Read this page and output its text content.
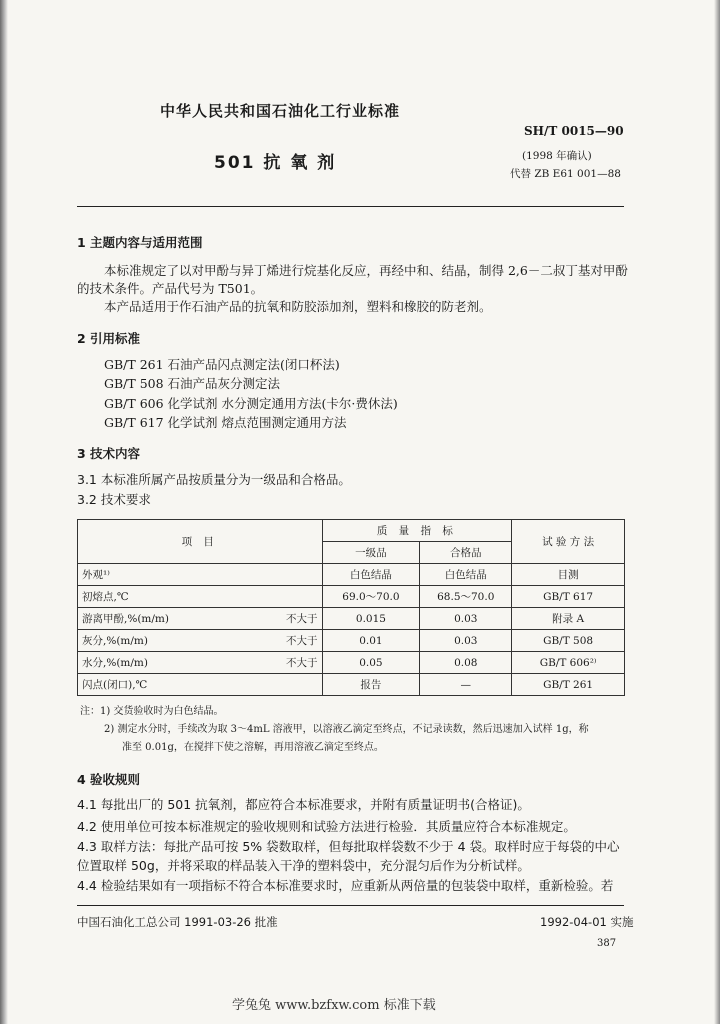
中华人民共和国石油化工行业标准
SH/T 0015—90
501 抗 氧 剂	(1998 年确认)
代替 ZB E61 001—88
1 主题内容与适用范围
本标准规定了以对甲酚与异丁烯进行烷基化反应，再经中和、结晶，制得 2,6－二叔丁基对甲酚
的技术条件。产品代号为 T501。
本产品适用于作石油产品的抗氧和防胶添加剂，塑料和橡胶的防老剂。
2 引用标准
GB/T 261 石油产品闪点测定法(闭口杯法)
GB/T 508 石油产品灰分测定法
GB/T 606 化学试剂 水分测定通用方法(卡尔·费休法)
GB/T 617 化学试剂 熔点范围测定通用方法
3 技术内容
3.1 本标准所属产品按质量分为一级品和合格品。
3.2 技术要求
项 目	质 量 指 标		试 验 方 法
	一级品	合格品	

外观¹⁾	白色结晶	白色结晶	目测

初熔点,℃	69.0～70.0	68.5～70.0	GB/T 617

游离甲酚,%(m/m) 不大于	0.015	0.03	附录 A

灰分,%(m/m) 不大于	0.01	0.03	GB/T 508

水分,%(m/m) 不大于	0.05	0.08	GB/T 606²⁾

闪点(闭口),℃	报告	—	GB/T 261
注：1) 交货验收时为白色结晶。
2) 测定水分时，手续改为取 3～4mL 溶液甲，以溶液乙滴定至终点，不记录读数，然后迅速加入试样 1g，称
准至 0.01g，在搅拌下使之溶解，再用溶液乙滴定至终点。
4 验收规则
4.1 每批出厂的 501 抗氧剂，都应符合本标准要求，并附有质量证明书(合格证)。
4.2 使用单位可按本标准规定的验收规则和试验方法进行检验．其质量应符合本标准规定。
4.3 取样方法：每批产品可按 5% 袋数取样，但每批取样袋数不少于 4 袋。取样时应于每袋的中心
位置取样 50g，并将采取的样品装入干净的塑料袋中，充分混匀后作为分析试样。
4.4 检验结果如有一项指标不符合本标准要求时，应重新从两倍量的包装袋中取样，重新检验。若
中国石油化工总公司 1991-03-26 批准	1992-04-01 实施
387
学兔兔 www.bzfxw.com 标准下载
